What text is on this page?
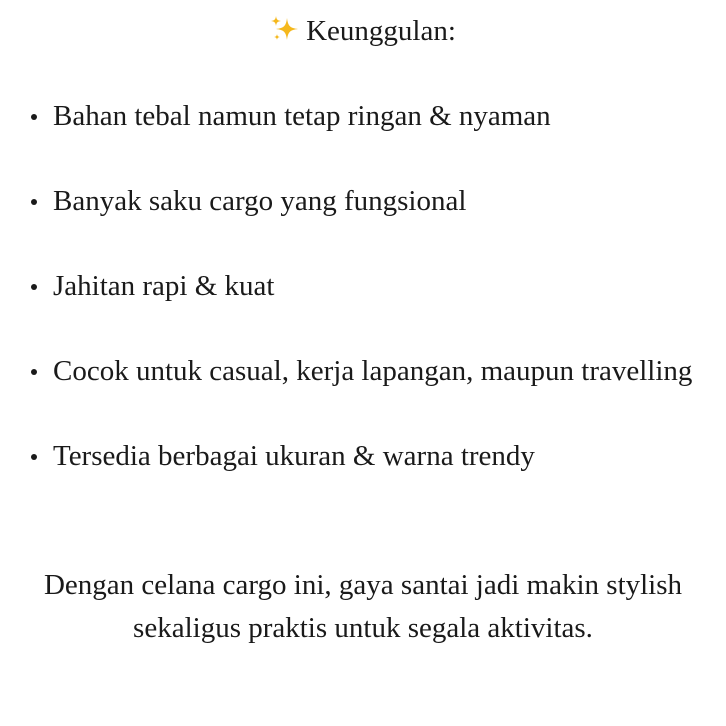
Keunggulan:
Bahan tebal namun tetap ringan & nyaman
Banyak saku cargo yang fungsional
Jahitan rapi & kuat
Cocok untuk casual, kerja lapangan, maupun travelling
Tersedia berbagai ukuran & warna trendy
Dengan celana cargo ini, gaya santai jadi makin stylish
sekaligus praktis untuk segala aktivitas.
